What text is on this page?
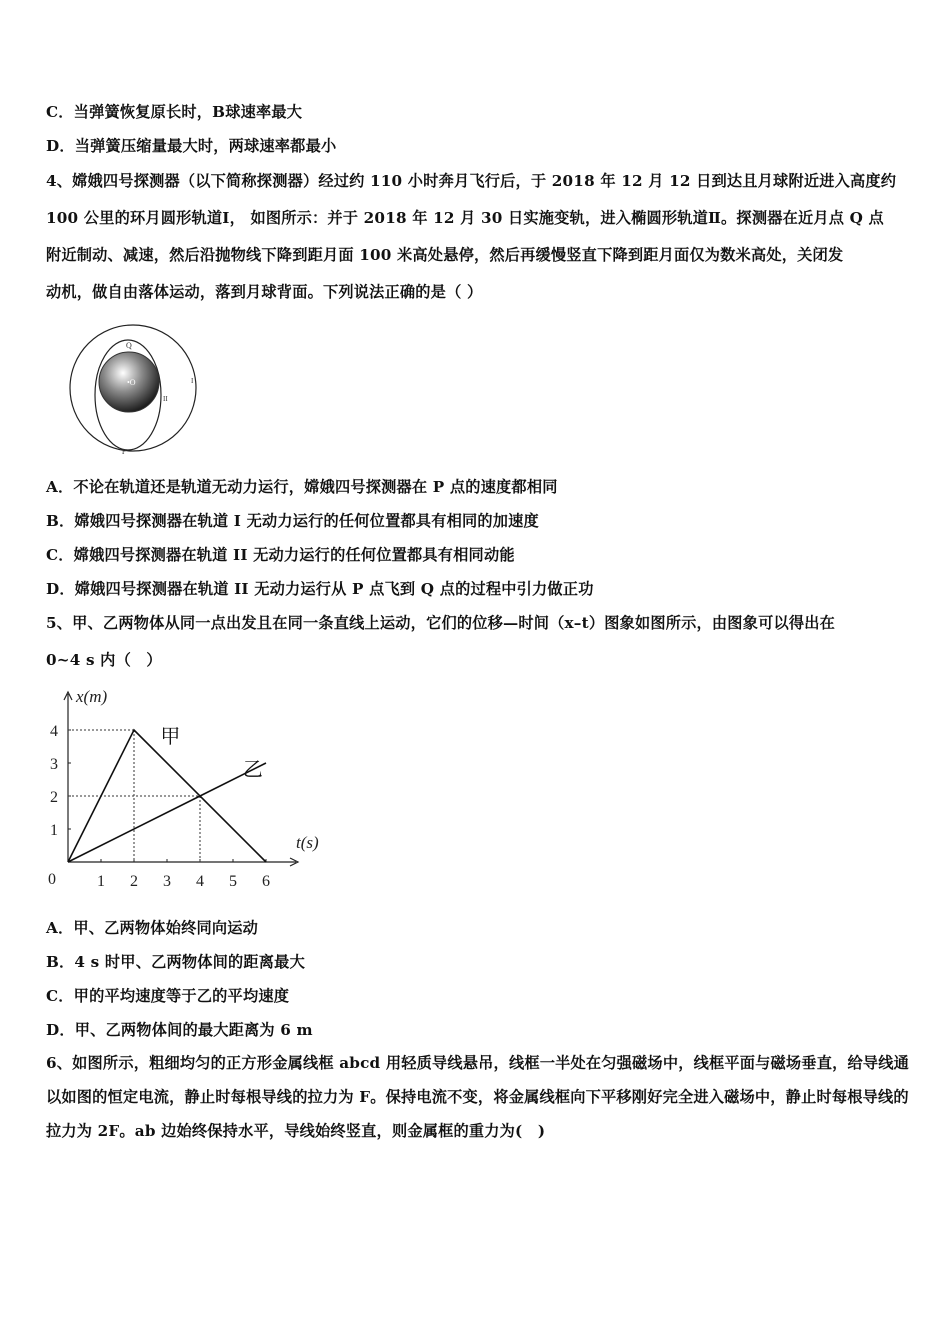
C．当弹簧恢复原长时，B球速率最大
D．当弹簧压缩量最大时，两球速率都最小
4、嫦娥四号探测器（以下简称探测器）经过约 110 小时奔月飞行后，于 2018 年 12 月 12 日到达且月球附近进入高度约
100 公里的环月圆形轨道Ⅰ， 如图所示：并于 2018 年 12 月 30 日实施变轨，进入椭圆形轨道Ⅱ。探测器在近月点 Q 点
附近制动、减速，然后沿抛物线下降到距月面 100 米高处悬停，然后再缓慢竖直下降到距月面仅为数米高处，关闭发
动机，做自由落体运动，落到月球背面。下列说法正确的是（ ）
Q
•O	I
II
P
A．不论在轨道还是轨道无动力运行，嫦娥四号探测器在 P 点的速度都相同
B．嫦娥四号探测器在轨道 I 无动力运行的任何位置都具有相同的加速度
C．嫦娥四号探测器在轨道 II 无动力运行的任何位置都具有相同动能
D．嫦娥四号探测器在轨道 II 无动力运行从 P 点飞到 Q 点的过程中引力做正功
5、甲、乙两物体从同一点出发且在同一条直线上运动，它们的位移—时间（x–t）图象如图所示，由图象可以得出在
0~4 s 内（　）
1 2 3 4 5 6
1
2
3
4
0
x(m)
t(s)
甲
乙
A．甲、乙两物体始终同向运动
B．4 s 时甲、乙两物体间的距离最大
C．甲的平均速度等于乙的平均速度
D．甲、乙两物体间的最大距离为 6 m
6、如图所示，粗细均匀的正方形金属线框 abcd 用轻质导线悬吊，线框一半处在匀强磁场中，线框平面与磁场垂直，给导线通以如图的恒定电流，静止时每根导线的拉力为 F。保持电流不变，将金属线框向下平移刚好完全进入磁场中，静止时每根导线的拉力为 2F。ab 边始终保持水平，导线始终竖直，则金属框的重力为(　)
